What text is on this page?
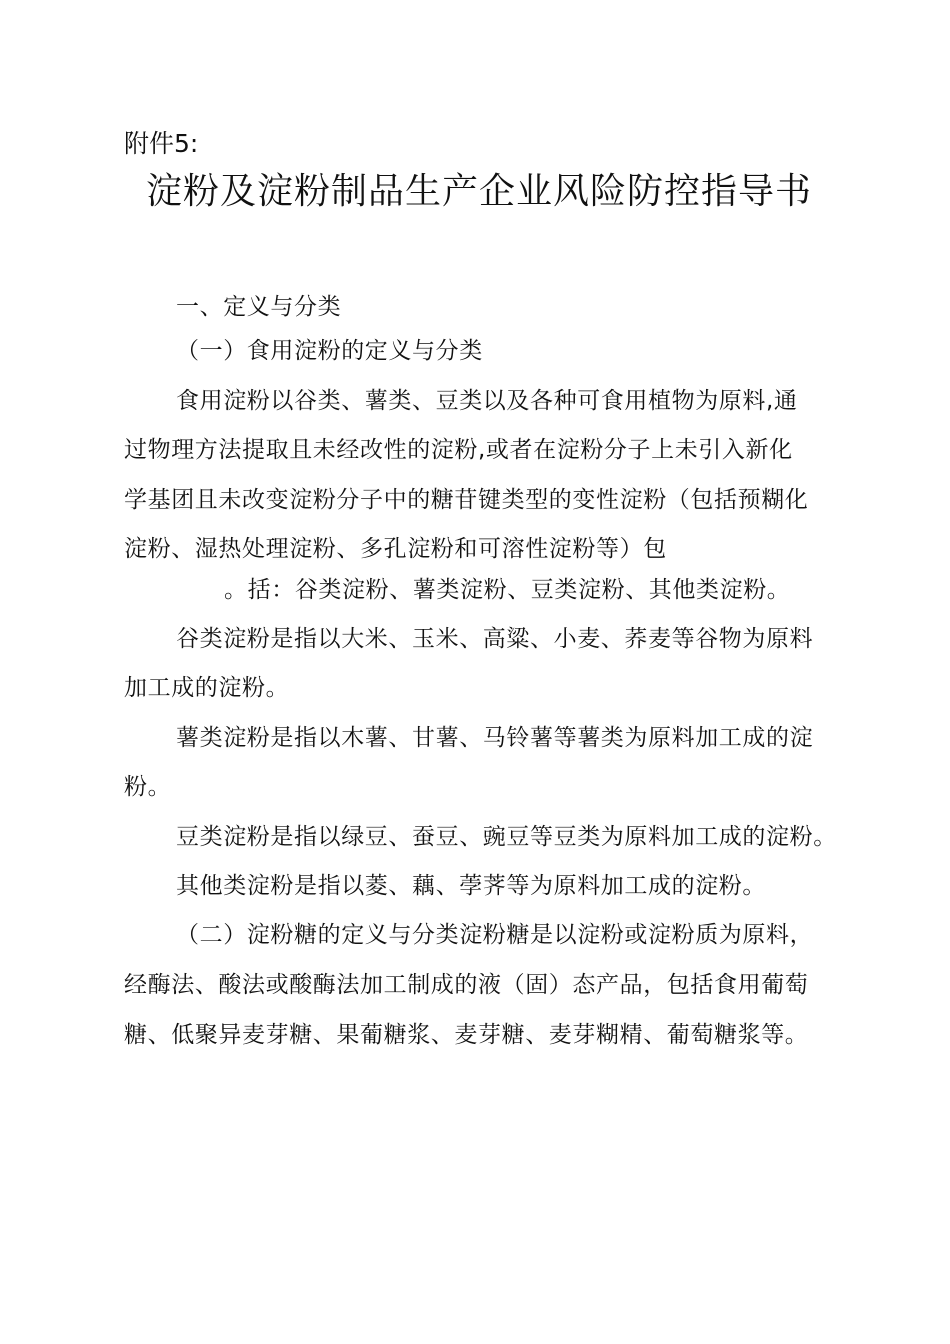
附件5:
淀粉及淀粉制品生产企业风险防控指导书
一、定义与分类
（一）食用淀粉的定义与分类
食用淀粉以谷类、薯类、豆类以及各种可食用植物为原料,通
过物理方法提取且未经改性的淀粉,或者在淀粉分子上未引入新化
学基团且未改变淀粉分子中的糖苷键类型的变性淀粉（包括预糊化
淀粉、湿热处理淀粉、多孔淀粉和可溶性淀粉等）包
。括：谷类淀粉、薯类淀粉、豆类淀粉、其他类淀粉。
谷类淀粉是指以大米、玉米、高粱、小麦、荞麦等谷物为原料
加工成的淀粉。
薯类淀粉是指以木薯、甘薯、马铃薯等薯类为原料加工成的淀
粉。
豆类淀粉是指以绿豆、蚕豆、豌豆等豆类为原料加工成的淀粉。
其他类淀粉是指以菱、藕、荸荠等为原料加工成的淀粉。
（二）淀粉糖的定义与分类淀粉糖是以淀粉或淀粉质为原料，
经酶法、酸法或酸酶法加工制成的液（固）态产品，包括食用葡萄
糖、低聚异麦芽糖、果葡糖浆、麦芽糖、麦芽糊精、葡萄糖浆等。
